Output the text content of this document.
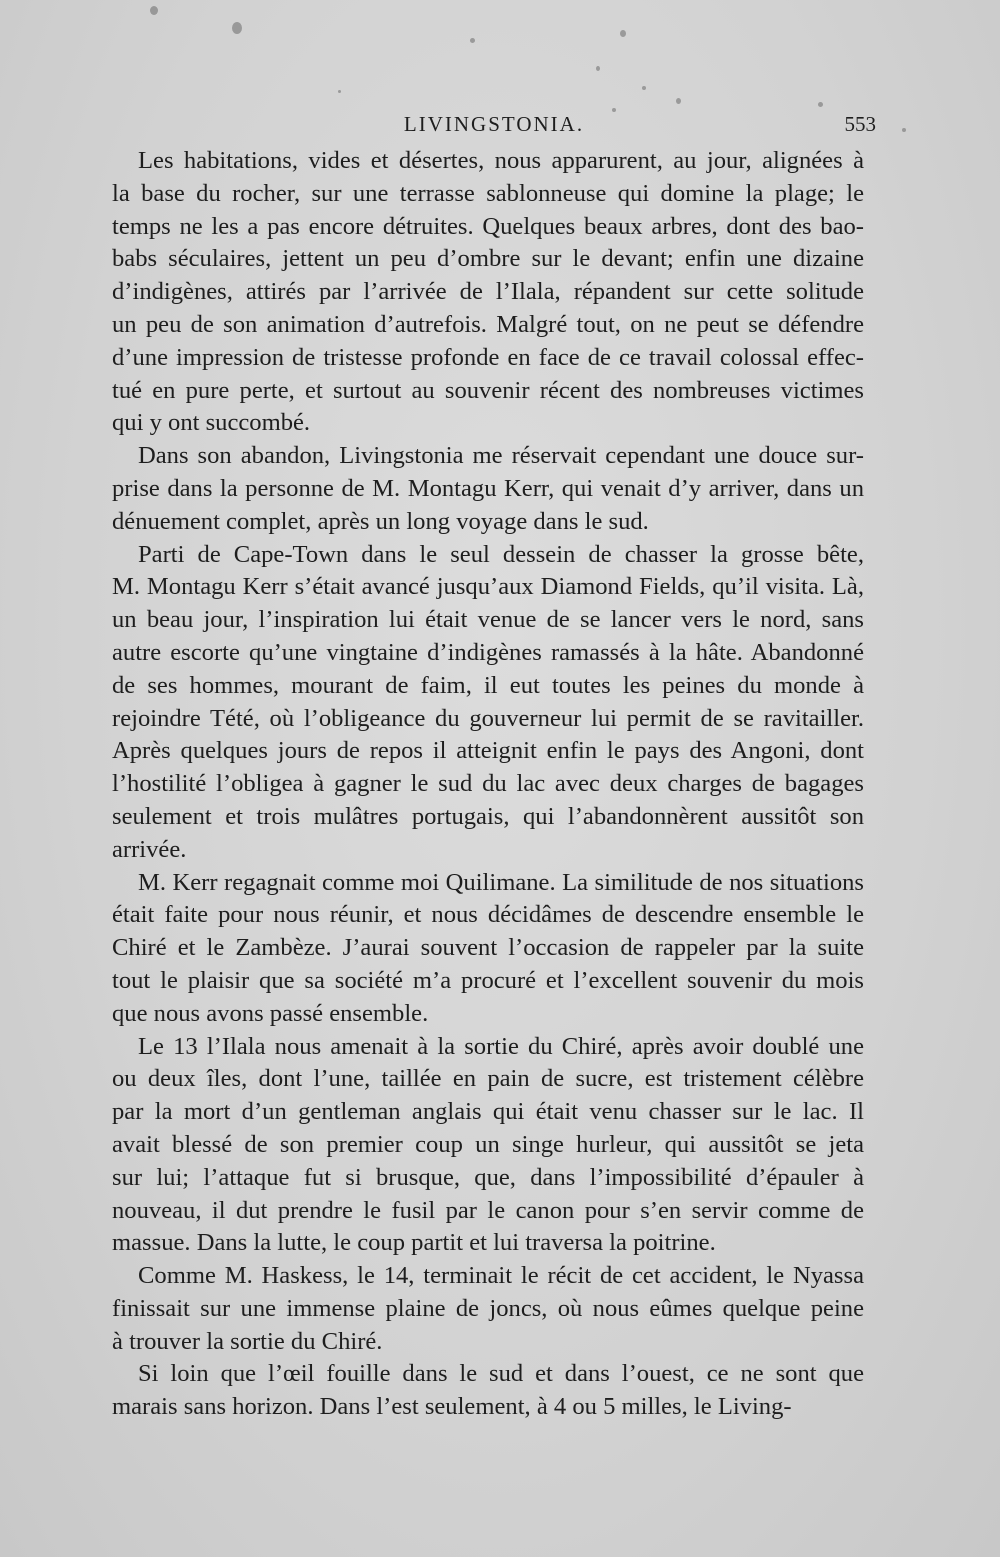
LIVINGSTONIA.	553
Les habitations, vides et désertes, nous apparurent, au jour, alignées à
la base du rocher, sur une terrasse sablonneuse qui domine la plage; le
temps ne les a pas encore détruites. Quelques beaux arbres, dont des bao-
babs séculaires, jettent un peu d’ombre sur le devant; enfin une dizaine
d’indigènes, attirés par l’arrivée de l’Ilala, répandent sur cette solitude
un peu de son animation d’autrefois. Malgré tout, on ne peut se défendre
d’une impression de tristesse profonde en face de ce travail colossal effec-
tué en pure perte, et surtout au souvenir récent des nombreuses victimes
qui y ont succombé.
Dans son abandon, Livingstonia me réservait cependant une douce sur-
prise dans la personne de M. Montagu Kerr, qui venait d’y arriver, dans un
dénuement complet, après un long voyage dans le sud.
Parti de Cape-Town dans le seul dessein de chasser la grosse bête,
M. Montagu Kerr s’était avancé jusqu’aux Diamond Fields, qu’il visita. Là,
un beau jour, l’inspiration lui était venue de se lancer vers le nord, sans
autre escorte qu’une vingtaine d’indigènes ramassés à la hâte. Abandonné
de ses hommes, mourant de faim, il eut toutes les peines du monde à
rejoindre Tété, où l’obligeance du gouverneur lui permit de se ravitailler.
Après quelques jours de repos il atteignit enfin le pays des Angoni, dont
l’hostilité l’obligea à gagner le sud du lac avec deux charges de bagages
seulement et trois mulâtres portugais, qui l’abandonnèrent aussitôt son
arrivée.
M. Kerr regagnait comme moi Quilimane. La similitude de nos situations
était faite pour nous réunir, et nous décidâmes de descendre ensemble le
Chiré et le Zambèze. J’aurai souvent l’occasion de rappeler par la suite
tout le plaisir que sa société m’a procuré et l’excellent souvenir du mois
que nous avons passé ensemble.
Le 13 l’Ilala nous amenait à la sortie du Chiré, après avoir doublé une
ou deux îles, dont l’une, taillée en pain de sucre, est tristement célèbre
par la mort d’un gentleman anglais qui était venu chasser sur le lac. Il
avait blessé de son premier coup un singe hurleur, qui aussitôt se jeta
sur lui; l’attaque fut si brusque, que, dans l’impossibilité d’épauler à
nouveau, il dut prendre le fusil par le canon pour s’en servir comme de
massue. Dans la lutte, le coup partit et lui traversa la poitrine.
Comme M. Haskess, le 14, terminait le récit de cet accident, le Nyassa
finissait sur une immense plaine de joncs, où nous eûmes quelque peine
à trouver la sortie du Chiré.
Si loin que l’œil fouille dans le sud et dans l’ouest, ce ne sont que
marais sans horizon. Dans l’est seulement, à 4 ou 5 milles, le Living-
